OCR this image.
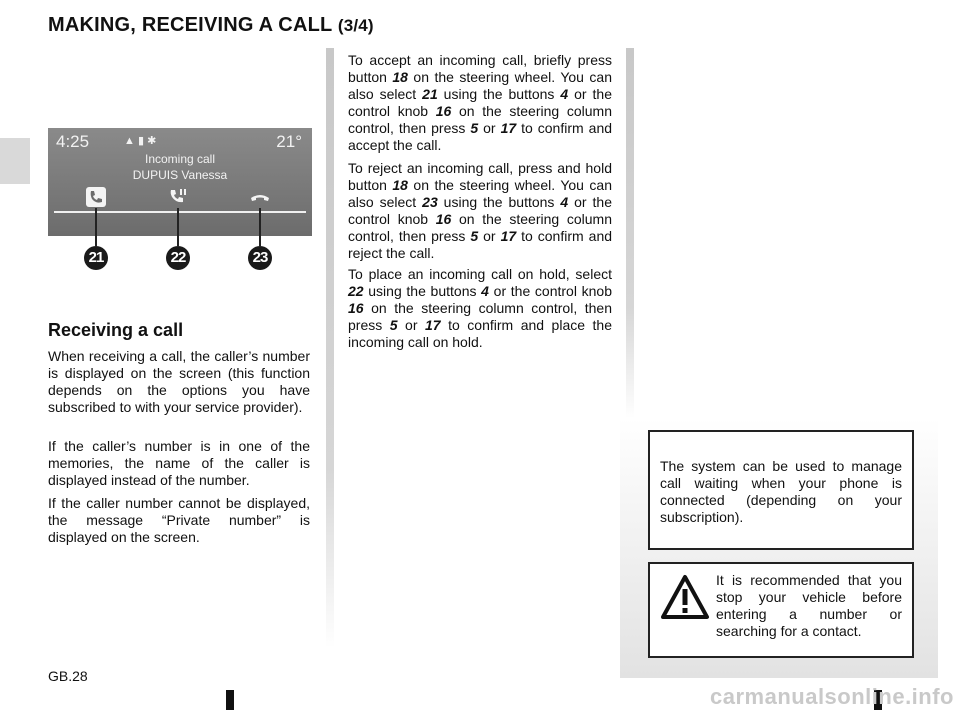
MAKING, RECEIVING A CALL (3/4)
4:25	▲ ▮ ✱	21°
Incoming call
DUPUIS Vanessa
21	22	23
Receiving a call
When receiving a call, the caller’s number is displayed on the screen (this function depends on the options you have subscribed to with your service provider).
If the caller’s number is in one of the memories, the name of the caller is displayed instead of the number.
If the caller number cannot be displayed, the message “Private number” is displayed on the screen.
To accept an incoming call, briefly press button 18 on the steering wheel. You can also select 21 using the buttons 4 or the control knob 16 on the steering column control, then press 5 or 17 to confirm and accept the call.
To reject an incoming call, press and hold button 18 on the steering wheel. You can also select 23 using the buttons 4 or the control knob 16 on the steering column control, then press 5 or 17 to confirm and reject the call.
To place an incoming call on hold, select 22 using the buttons 4 or the control knob 16 on the steering column control, then press 5 or 17 to confirm and place the incoming call on hold.
The system can be used to manage call waiting when your phone is connected (depending on your subscription).
It is recommended that you stop your vehicle before entering a number or searching for a contact.
GB.28
carmanualsonline.info
